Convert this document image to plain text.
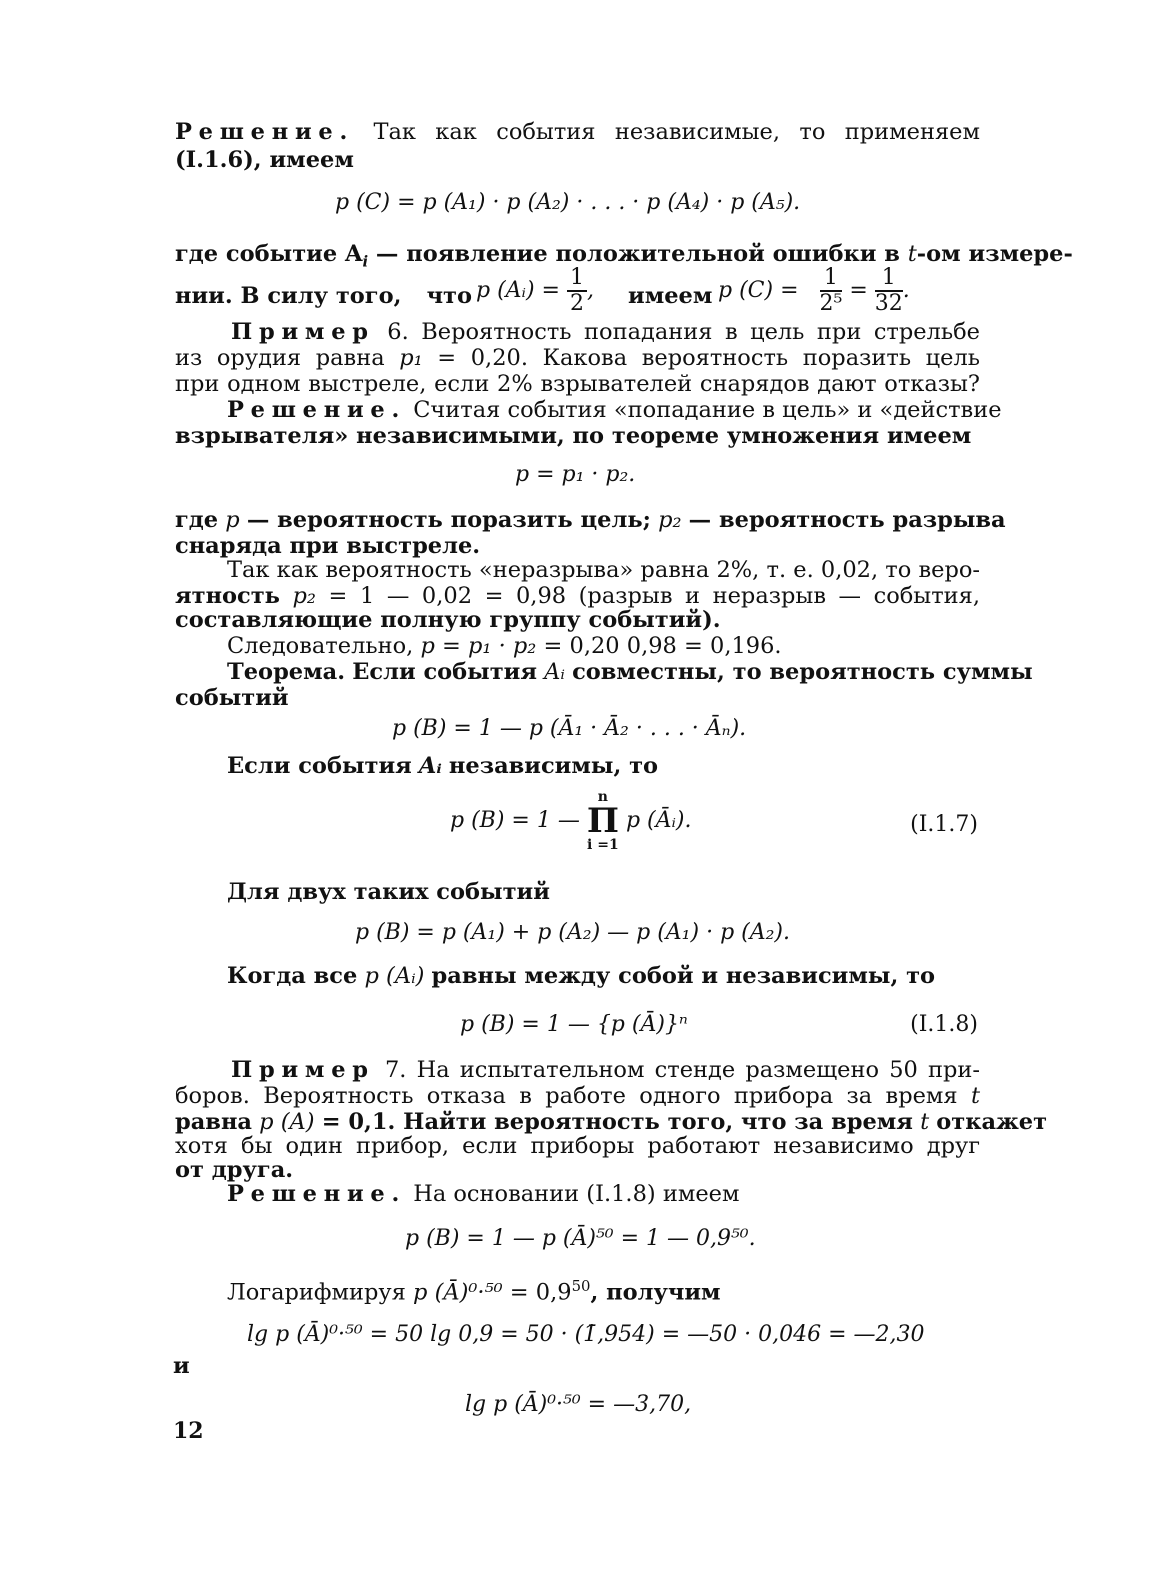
Решение. Так как события независимые, то применяем
(I.1.6), имеем
p (C) = p (A₁) · p (A₂) · . . . · p (A₄) · p (A₅).
где событие $A_i$ — появление положительной ошибки в t-ом измере-
нии. В силу того, что p (Aᵢ) = $\frac{1}{2}$ , имеем p $(C) = \frac{1}{\text{2⁵}} = \frac{1}{32}$ .
Пример 6. Вероятность попадания в цель при стрельбе
из орудия равна p₁ = 0,20. Какова вероятность поразить цель
при одном выстреле, если 2% взрывателей снарядов дают отказы?
Решение. Считая события «попадание в цель» и «действие
взрывателя» независимыми, по теореме умножения имеем
p = p₁ · p₂.
где p — вероятность поразить цель; p₂ — вероятность разрыва
снаряда при выстреле.
Так как вероятность «неразрыва» равна 2%, т. е. 0,02, то веро-
ятность p₂ = 1 — 0,02 = 0,98 (разрыв и неразрыв — события,
составляющие полную группу событий).
Следовательно, p = p₁ · p₂ = 0,20 0,98 = 0,196.
Теорема. Если события Aᵢ совместны, то вероятность суммы
событий
p (B) = 1 — p (Ā₁ · Ā₂ · . . . · Āₙ).
Если события Aᵢ независимы, то
p (B) = 1 —
n
Π
i =1
p (Āᵢ).	(I.1.7)
Для двух таких событий
p (B) = p (A₁) + p (A₂) — p (A₁) · p (A₂).
Когда все p (Aᵢ) равны между собой и независимы, то
p (B) = 1 — {p (Ā)}ⁿ	(I.1.8)
Пример 7. На испытательном стенде размещено 50 при-
боров. Вероятность отказа в работе одного прибора за время t
равна p (A) = 0,1. Найти вероятность того, что за время t откажет
хотя бы один прибор, если приборы работают независимо друг
от друга.
Решение. На основании (I.1.8) имеем
p (B) = 1 — p (Ā)⁵⁰ = 1 — 0,9⁵⁰.
Логарифмируя p (Ā)⁰·⁵⁰ = $0,9^{50}$, получим
lg p (Ā)⁰·⁵⁰ = 50 lg 0,9 = 50 · (1̄,954) = —50 · 0,046 = —2,30
и
lg p (Ā)⁰·⁵⁰ = —3,70,
12
